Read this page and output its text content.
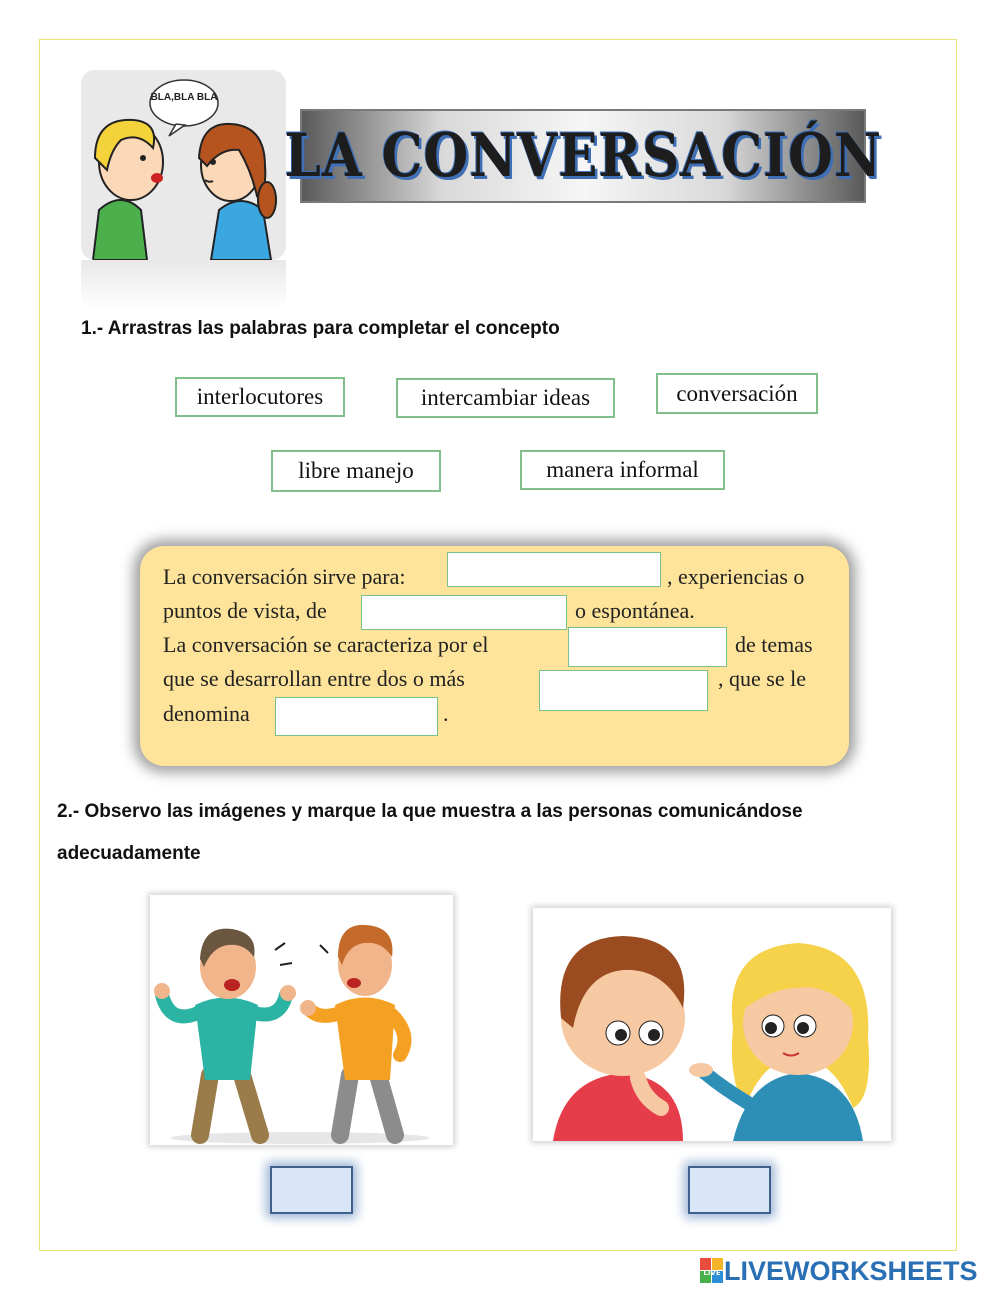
BLA,BLA BLA
LA CONVERSACIÓN
1.- Arrastras las palabras para completar el concepto
interlocutores	intercambiar ideas	conversación
libre manejo	manera informal
La conversación sirve para:	, experiencias o
puntos de vista, de	o espontánea.
La conversación se caracteriza por el	de temas
que se desarrollan entre dos o más	, que se le
denomina	.
2.- Observo las imágenes y marque la que muestra a las personas comunicándose
adecuadamente
LIVE LIVEWORKSHEETS
